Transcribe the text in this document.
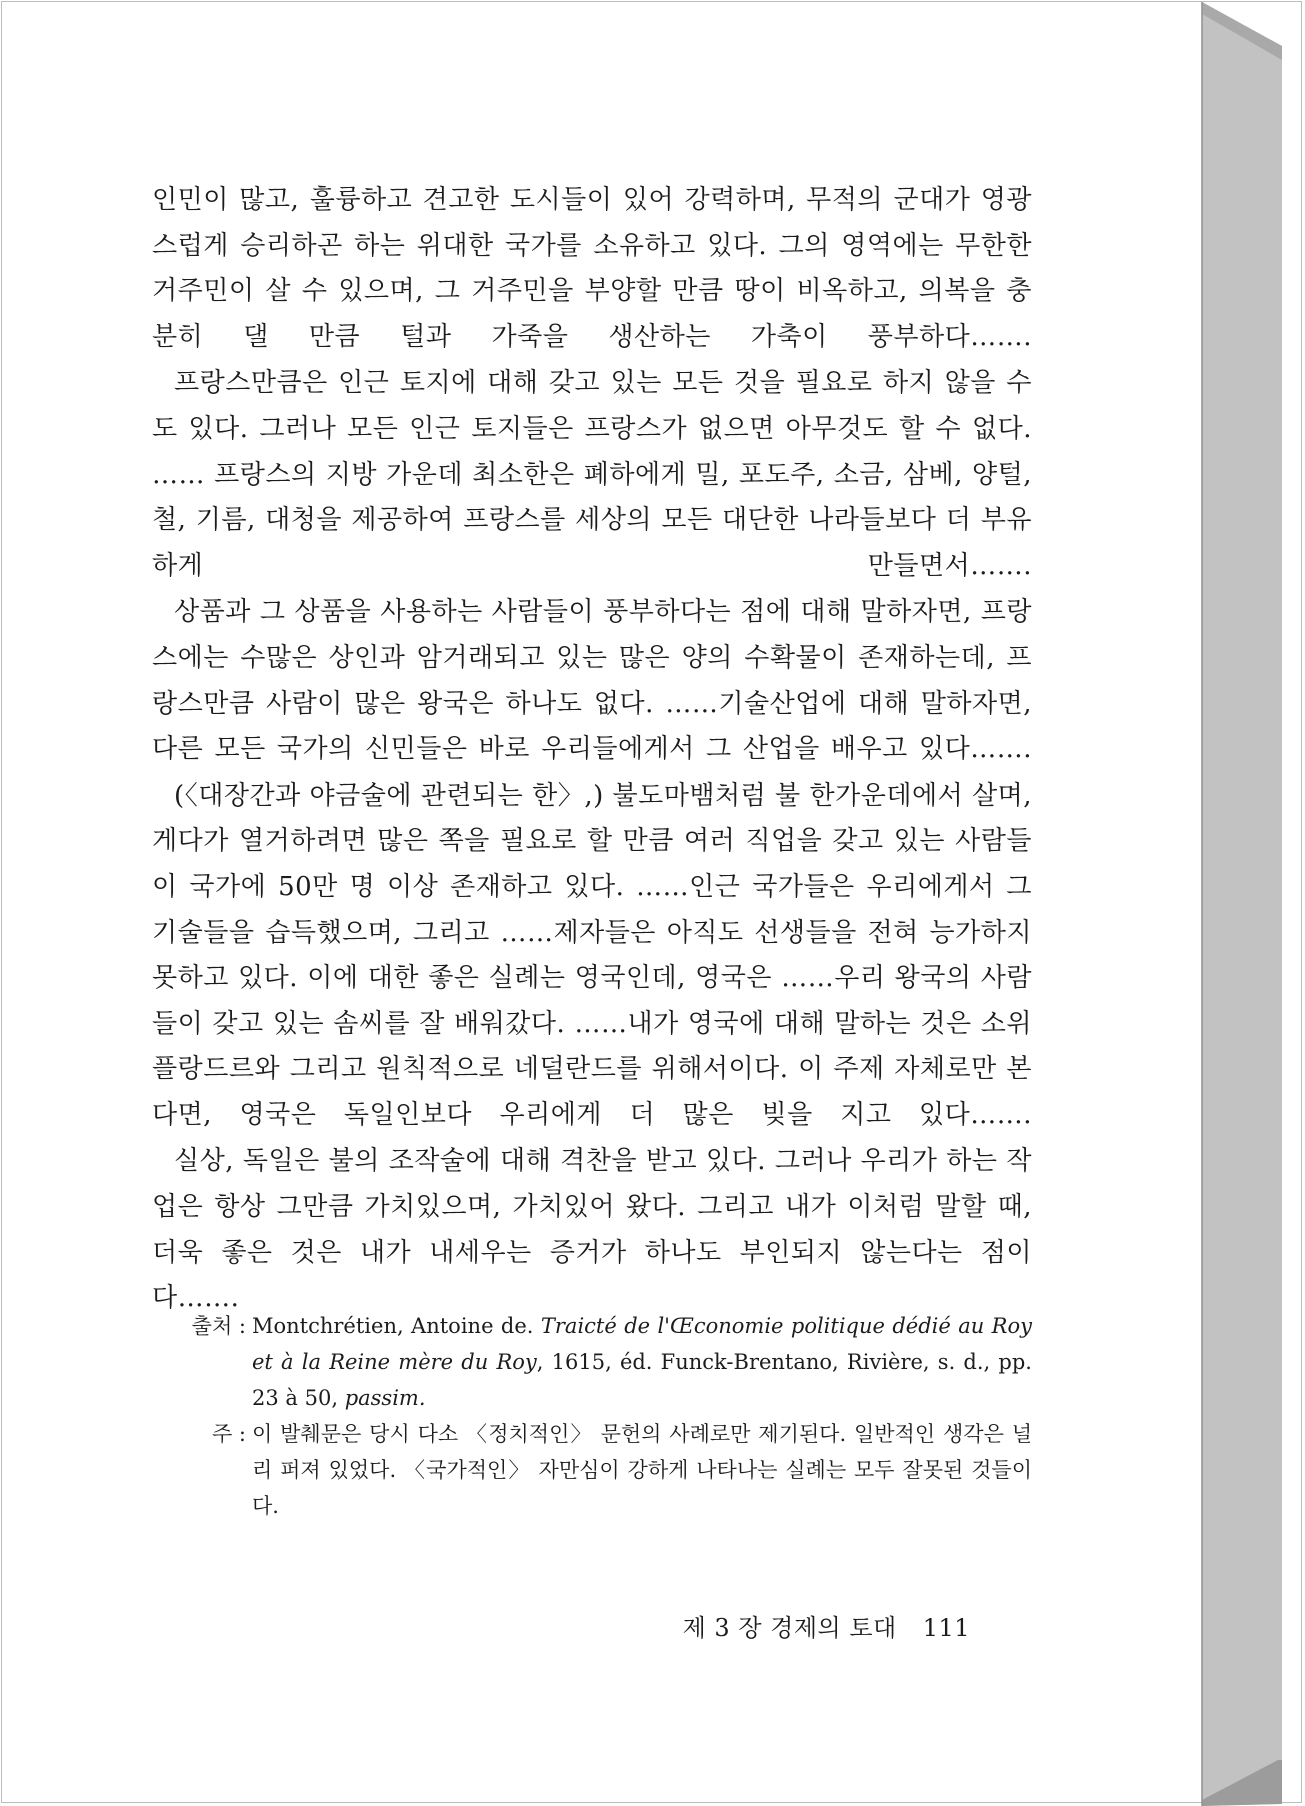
인민이 많고, 훌륭하고 견고한 도시들이 있어 강력하며, 무적의 군대가 영광스럽게 승리하곤 하는 위대한 국가를 소유하고 있다. 그의 영역에는 무한한 거주민이 살 수 있으며, 그 거주민을 부양할 만큼 땅이 비옥하고, 의복을 충분히 댈 만큼 털과 가죽을 생산하는 가축이 풍부하다…….

프랑스만큼은 인근 토지에 대해 갖고 있는 모든 것을 필요로 하지 않을 수도 있다. 그러나 모든 인근 토지들은 프랑스가 없으면 아무것도 할 수 없다. …… 프랑스의 지방 가운데 최소한은 폐하에게 밀, 포도주, 소금, 삼베, 양털, 철, 기름, 대청을 제공하여 프랑스를 세상의 모든 대단한 나라들보다 더 부유하게 만들면서…….

상품과 그 상품을 사용하는 사람들이 풍부하다는 점에 대해 말하자면, 프랑스에는 수많은 상인과 암거래되고 있는 많은 양의 수확물이 존재하는데, 프랑스만큼 사람이 많은 왕국은 하나도 없다. ……기술산업에 대해 말하자면, 다른 모든 국가의 신민들은 바로 우리들에게서 그 산업을 배우고 있다…….

(〈대장간과 야금술에 관련되는 한〉,) 불도마뱀처럼 불 한가운데에서 살며, 게다가 열거하려면 많은 쪽을 필요로 할 만큼 여러 직업을 갖고 있는 사람들이 국가에 50만 명 이상 존재하고 있다. ……인근 국가들은 우리에게서 그 기술들을 습득했으며, 그리고 ……제자들은 아직도 선생들을 전혀 능가하지 못하고 있다. 이에 대한 좋은 실례는 영국인데, 영국은 ……우리 왕국의 사람들이 갖고 있는 솜씨를 잘 배워갔다. ……내가 영국에 대해 말하는 것은 소위 플랑드르와 그리고 원칙적으로 네덜란드를 위해서이다. 이 주제 자체로만 본다면, 영국은 독일인보다 우리에게 더 많은 빚을 지고 있다…….

실상, 독일은 불의 조작술에 대해 격찬을 받고 있다. 그러나 우리가 하는 작업은 항상 그만큼 가치있으며, 가치있어 왔다. 그리고 내가 이처럼 말할 때, 더욱 좋은 것은 내가 내세우는 증거가 하나도 부인되지 않는다는 점이다…….

출처 : Montchrétien, Antoine de. Traicté de l'Œconomie politique dédié au Roy et à la Reine mère du Roy, 1615, éd. Funck-Brentano, Rivière, s. d., pp. 23 à 50, passim.
주 : 이 발췌문은 당시 다소 〈정치적인〉 문헌의 사례로만 제기된다. 일반적인 생각은 널리 퍼져 있었다. 〈국가적인〉 자만심이 강하게 나타나는 실례는 모두 잘못된 것들이다.
제 3 장 경제의 토대 111
